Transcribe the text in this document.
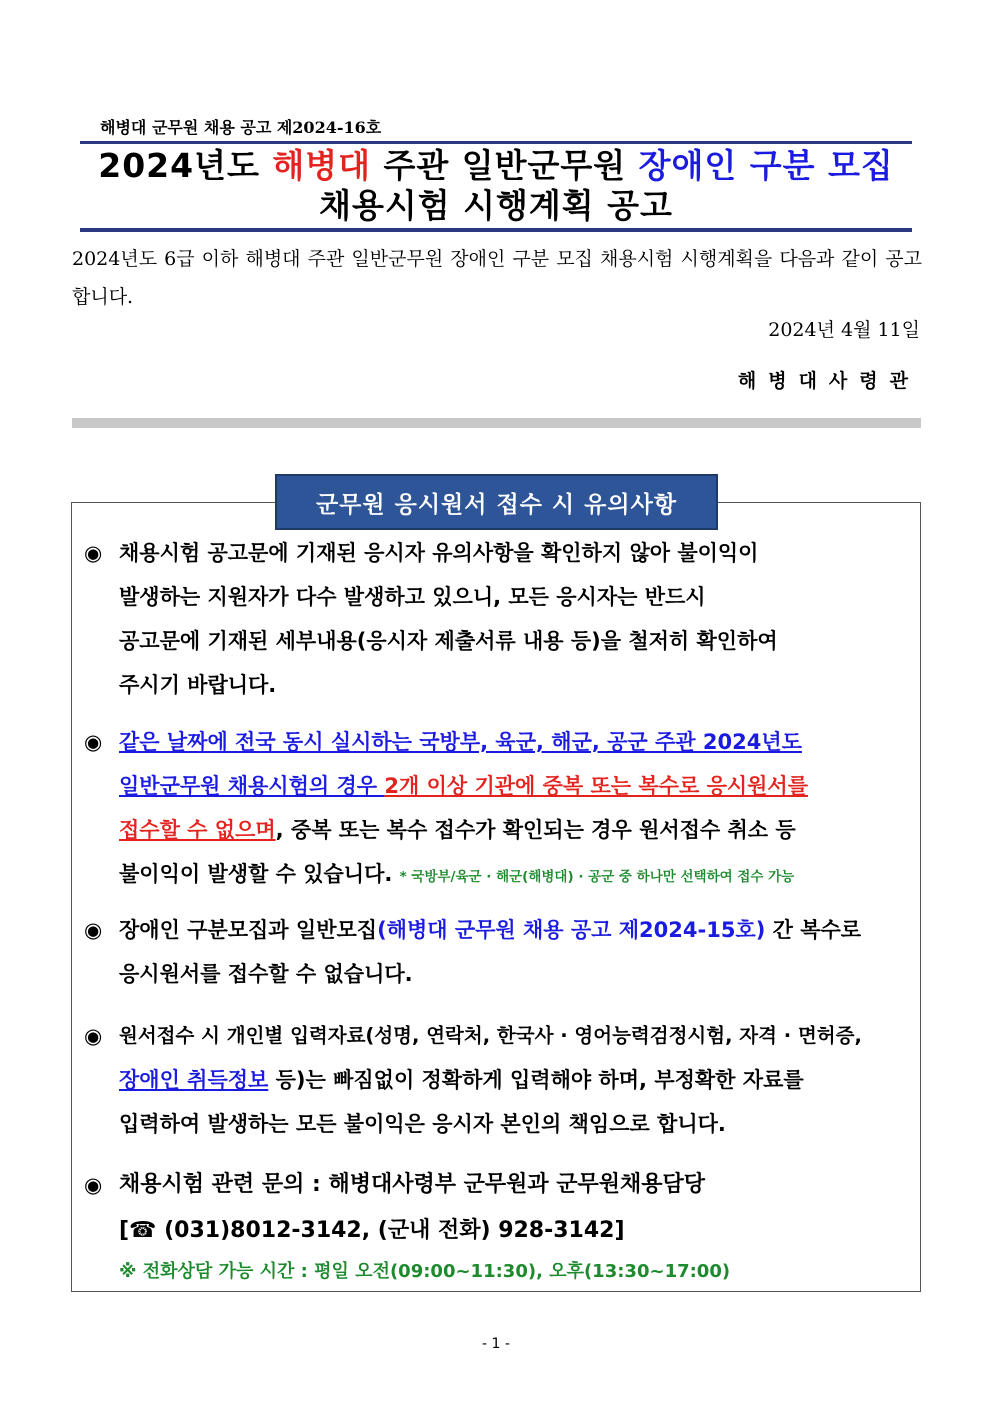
해병대 군무원 채용 공고 제2024-16호
2024년도 해병대 주관 일반군무원 장애인 구분 모집
채용시험 시행계획 공고
2024년도 6급 이하 해병대 주관 일반군무원 장애인 구분 모집 채용시험 시행계획을 다음과 같이 공고합니다.
2024년 4월 11일
해병대사령관
군무원 응시원서 접수 시 유의사항
◉ 채용시험 공고문에 기재된 응시자 유의사항을 확인하지 않아 불이익이
발생하는 지원자가 다수 발생하고 있으니, 모든 응시자는 반드시
공고문에 기재된 세부내용(응시자 제출서류 내용 등)을 철저히 확인하여
주시기 바랍니다.
◉ 같은 날짜에 전국 동시 실시하는 국방부, 육군, 해군, 공군 주관 2024년도
일반군무원 채용시험의 경우 2개 이상 기관에 중복 또는 복수로 응시원서를
접수할 수 없으며, 중복 또는 복수 접수가 확인되는 경우 원서접수 취소 등
불이익이 발생할 수 있습니다. * 국방부/육군 · 해군(해병대) · 공군 중 하나만 선택하여 접수 가능
◉ 장애인 구분모집과 일반모집(해병대 군무원 채용 공고 제2024-15호) 간 복수로
응시원서를 접수할 수 없습니다.
◉ 원서접수 시 개인별 입력자료(성명, 연락처, 한국사 · 영어능력검정시험, 자격 · 면허증,
장애인 취득정보 등)는 빠짐없이 정확하게 입력해야 하며, 부정확한 자료를
입력하여 발생하는 모든 불이익은 응시자 본인의 책임으로 합니다.
◉ 채용시험 관련 문의 : 해병대사령부 군무원과 군무원채용담당
[☎ (031)8012-3142, (군내 전화) 928-3142]
※ 전화상담 가능 시간 : 평일 오전(09:00~11:30), 오후(13:30~17:00)
- 1 -
